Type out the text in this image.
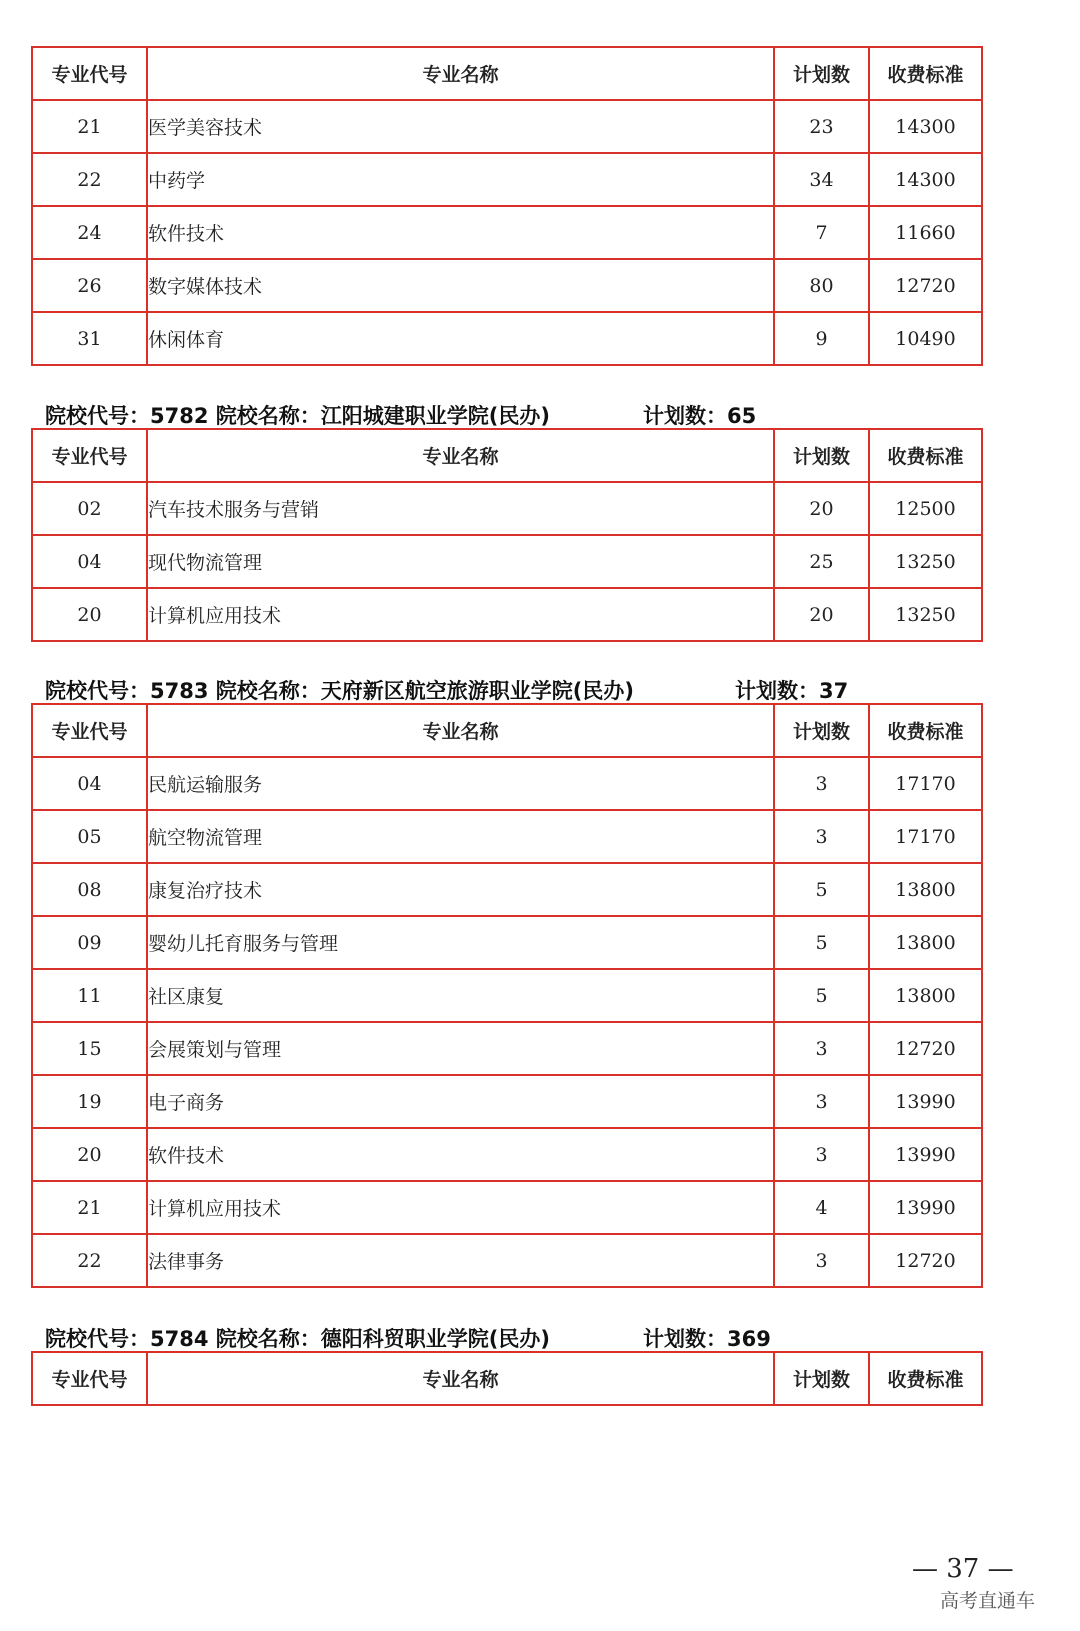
专业代号	专业名称	计划数	收费标准
21	医学美容技术	23	14300
22	中药学	34	14300
24	软件技术	7	11660
26	数字媒体技术	80	12720
31	休闲体育	9	10490
院校代号：5782 院校名称：江阳城建职业学院(民办)	计划数：65
专业代号	专业名称	计划数	收费标准
02	汽车技术服务与营销	20	12500
04	现代物流管理	25	13250
20	计算机应用技术	20	13250
院校代号：5783 院校名称：天府新区航空旅游职业学院(民办)	计划数：37
专业代号	专业名称	计划数	收费标准
04	民航运输服务	3	17170
05	航空物流管理	3	17170
08	康复治疗技术	5	13800
09	婴幼儿托育服务与管理	5	13800
11	社区康复	5	13800
15	会展策划与管理	3	12720
19	电子商务	3	13990
20	软件技术	3	13990
21	计算机应用技术	4	13990
22	法律事务	3	12720
院校代号：5784 院校名称：德阳科贸职业学院(民办)	计划数：369
专业代号	专业名称	计划数	收费标准
— 37 —
高考直通车
